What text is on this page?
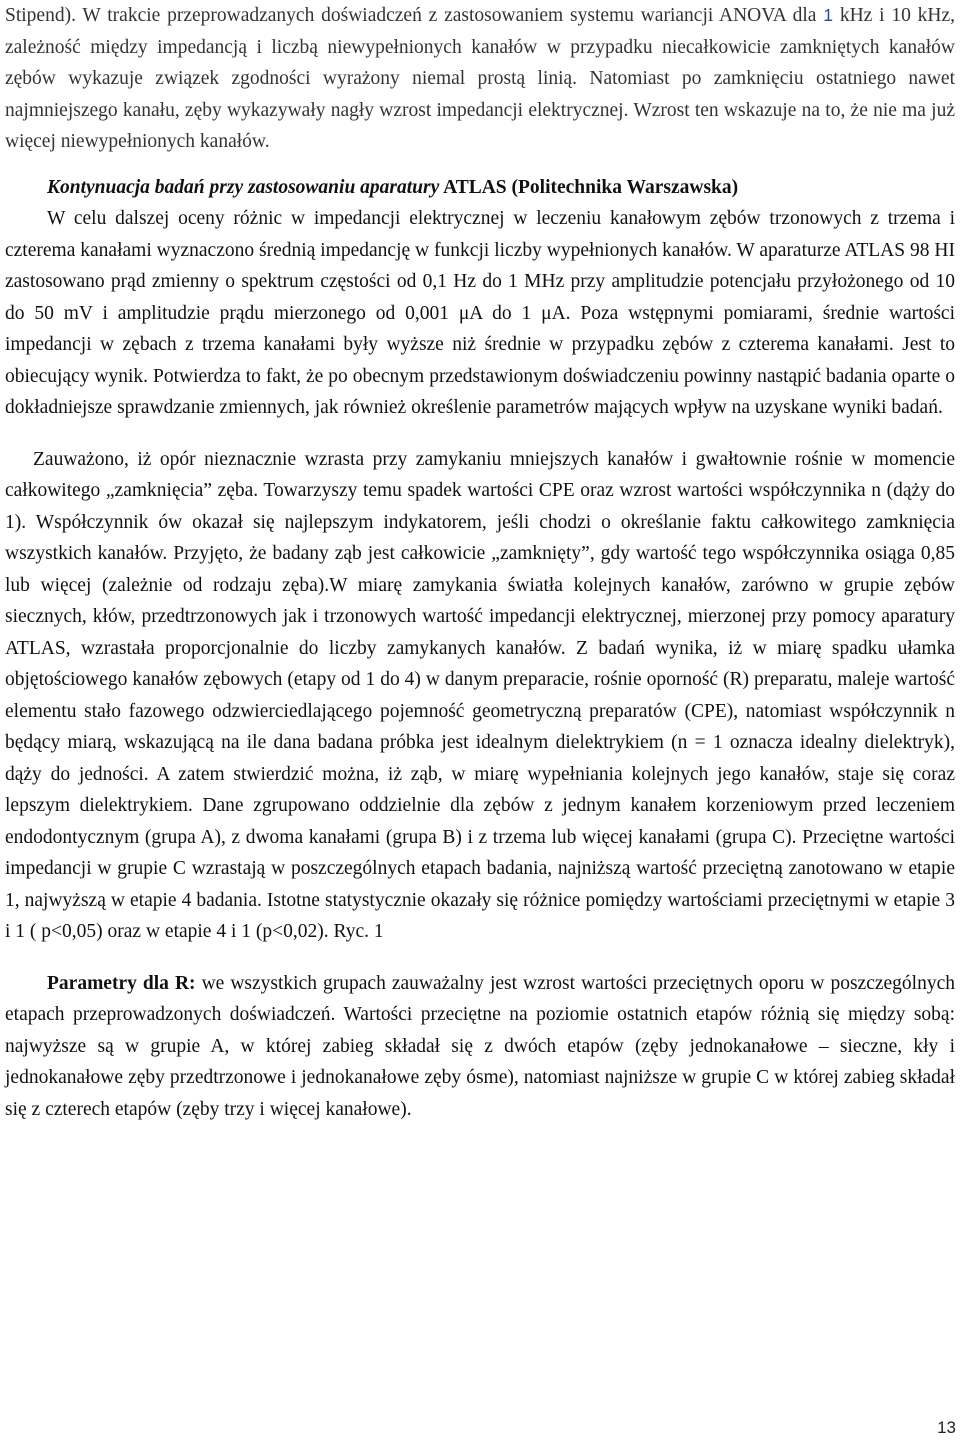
Stipend). W trakcie przeprowadzanych doświadczeń z zastosowaniem systemu wariancji ANOVA dla 1 kHz i 10 kHz, zależność między impedancją i liczbą niewypełnionych kanałów w przypadku niecałkowicie zamkniętych kanałów zębów wykazuje związek zgodności wyrażony niemal prostą linią. Natomiast po zamknięciu ostatniego nawet najmniejszego kanału, zęby wykazywały nagły wzrost impedancji elektrycznej. Wzrost ten wskazuje na to, że nie ma już więcej niewypełnionych kanałów.

Kontynuacja badań przy zastosowaniu aparatury ATLAS (Politechnika Warszawska)

W celu dalszej oceny różnic w impedancji elektrycznej w leczeniu kanałowym zębów trzonowych z trzema i czterema kanałami wyznaczono średnią impedancję w funkcji liczby wypełnionych kanałów. W aparaturze ATLAS 98 HI zastosowano prąd zmienny o spektrum częstości od 0,1 Hz do 1 MHz przy amplitudzie potencjału przyłożonego od 10 do 50 mV i amplitudzie prądu mierzonego od 0,001 μA do 1 μA. Poza wstępnymi pomiarami, średnie wartości impedancji w zębach z trzema kanałami były wyższe niż średnie w przypadku zębów z czterema kanałami. Jest to obiecujący wynik. Potwierdza to fakt, że po obecnym przedstawionym doświadczeniu powinny nastąpić badania oparte o dokładniejsze sprawdzanie zmiennych, jak również określenie parametrów mających wpływ na uzyskane wyniki badań.

Zauważono, iż opór nieznacznie wzrasta przy zamykaniu mniejszych kanałów i gwałtownie rośnie w momencie całkowitego „zamknięcia” zęba. Towarzyszy temu spadek wartości CPE oraz wzrost wartości współczynnika n (dąży do 1). Współczynnik ów okazał się najlepszym indykatorem, jeśli chodzi o określanie faktu całkowitego zamknięcia wszystkich kanałów. Przyjęto, że badany ząb jest całkowicie „zamknięty”, gdy wartość tego współczynnika osiąga 0,85 lub więcej (zależnie od rodzaju zęba).W miarę zamykania światła kolejnych kanałów, zarówno w grupie zębów siecznych, kłów, przedtrzonowych jak i trzonowych wartość impedancji elektrycznej, mierzonej przy pomocy aparatury ATLAS, wzrastała proporcjonalnie do liczby zamykanych kanałów. Z badań wynika, iż w miarę spadku ułamka objętościowego kanałów zębowych (etapy od 1 do 4) w danym preparacie, rośnie oporność (R) preparatu, maleje wartość elementu stało fazowego odzwierciedlającego pojemność geometryczną preparatów (CPE), natomiast współczynnik n będący miarą, wskazującą na ile dana badana próbka jest idealnym dielektrykiem (n = 1 oznacza idealny dielektryk), dąży do jedności. A zatem stwierdzić można, iż ząb, w miarę wypełniania kolejnych jego kanałów, staje się coraz lepszym dielektrykiem. Dane zgrupowano oddzielnie dla zębów z jednym kanałem korzeniowym przed leczeniem endodontycznym (grupa A), z dwoma kanałami (grupa B) i z trzema lub więcej kanałami (grupa C). Przeciętne wartości impedancji w grupie C wzrastają w poszczególnych etapach badania, najniższą wartość przeciętną zanotowano w etapie 1, najwyższą w etapie 4 badania. Istotne statystycznie okazały się różnice pomiędzy wartościami przeciętnymi w etapie 3 i 1 ( p<0,05) oraz w etapie 4 i 1 (p<0,02). Ryc. 1

Parametry dla R: we wszystkich grupach zauważalny jest wzrost wartości przeciętnych oporu w poszczególnych etapach przeprowadzonych doświadczeń. Wartości przeciętne na poziomie ostatnich etapów różnią się między sobą: najwyższe są w grupie A, w której zabieg składał się z dwóch etapów (zęby jednokanałowe – sieczne, kły i jednokanałowe zęby przedtrzonowe i jednokanałowe zęby ósme), natomiast najniższe w grupie C w której zabieg składał się z czterech etapów (zęby trzy i więcej kanałowe).

13
